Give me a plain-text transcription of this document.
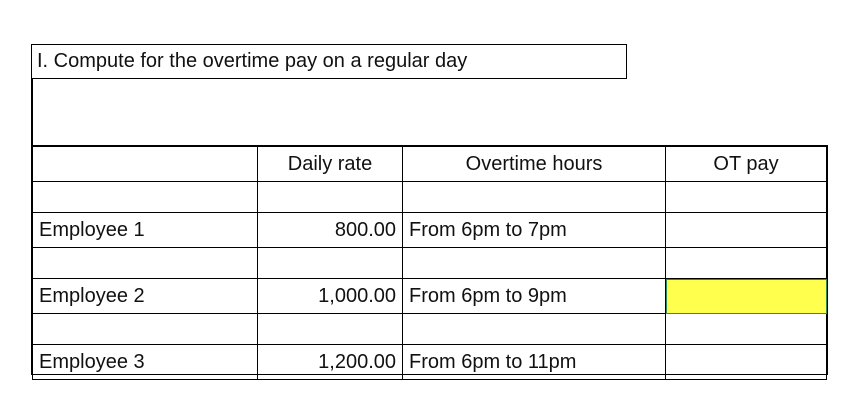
I. Compute for the overtime pay on a regular day
	Daily rate	Overtime hours	OT pay

Employee 1	800.00	From 6pm to 7pm	

Employee 2	1,000.00	From 6pm to 9pm	

Employee 3	1,200.00	From 6pm to 11pm	
